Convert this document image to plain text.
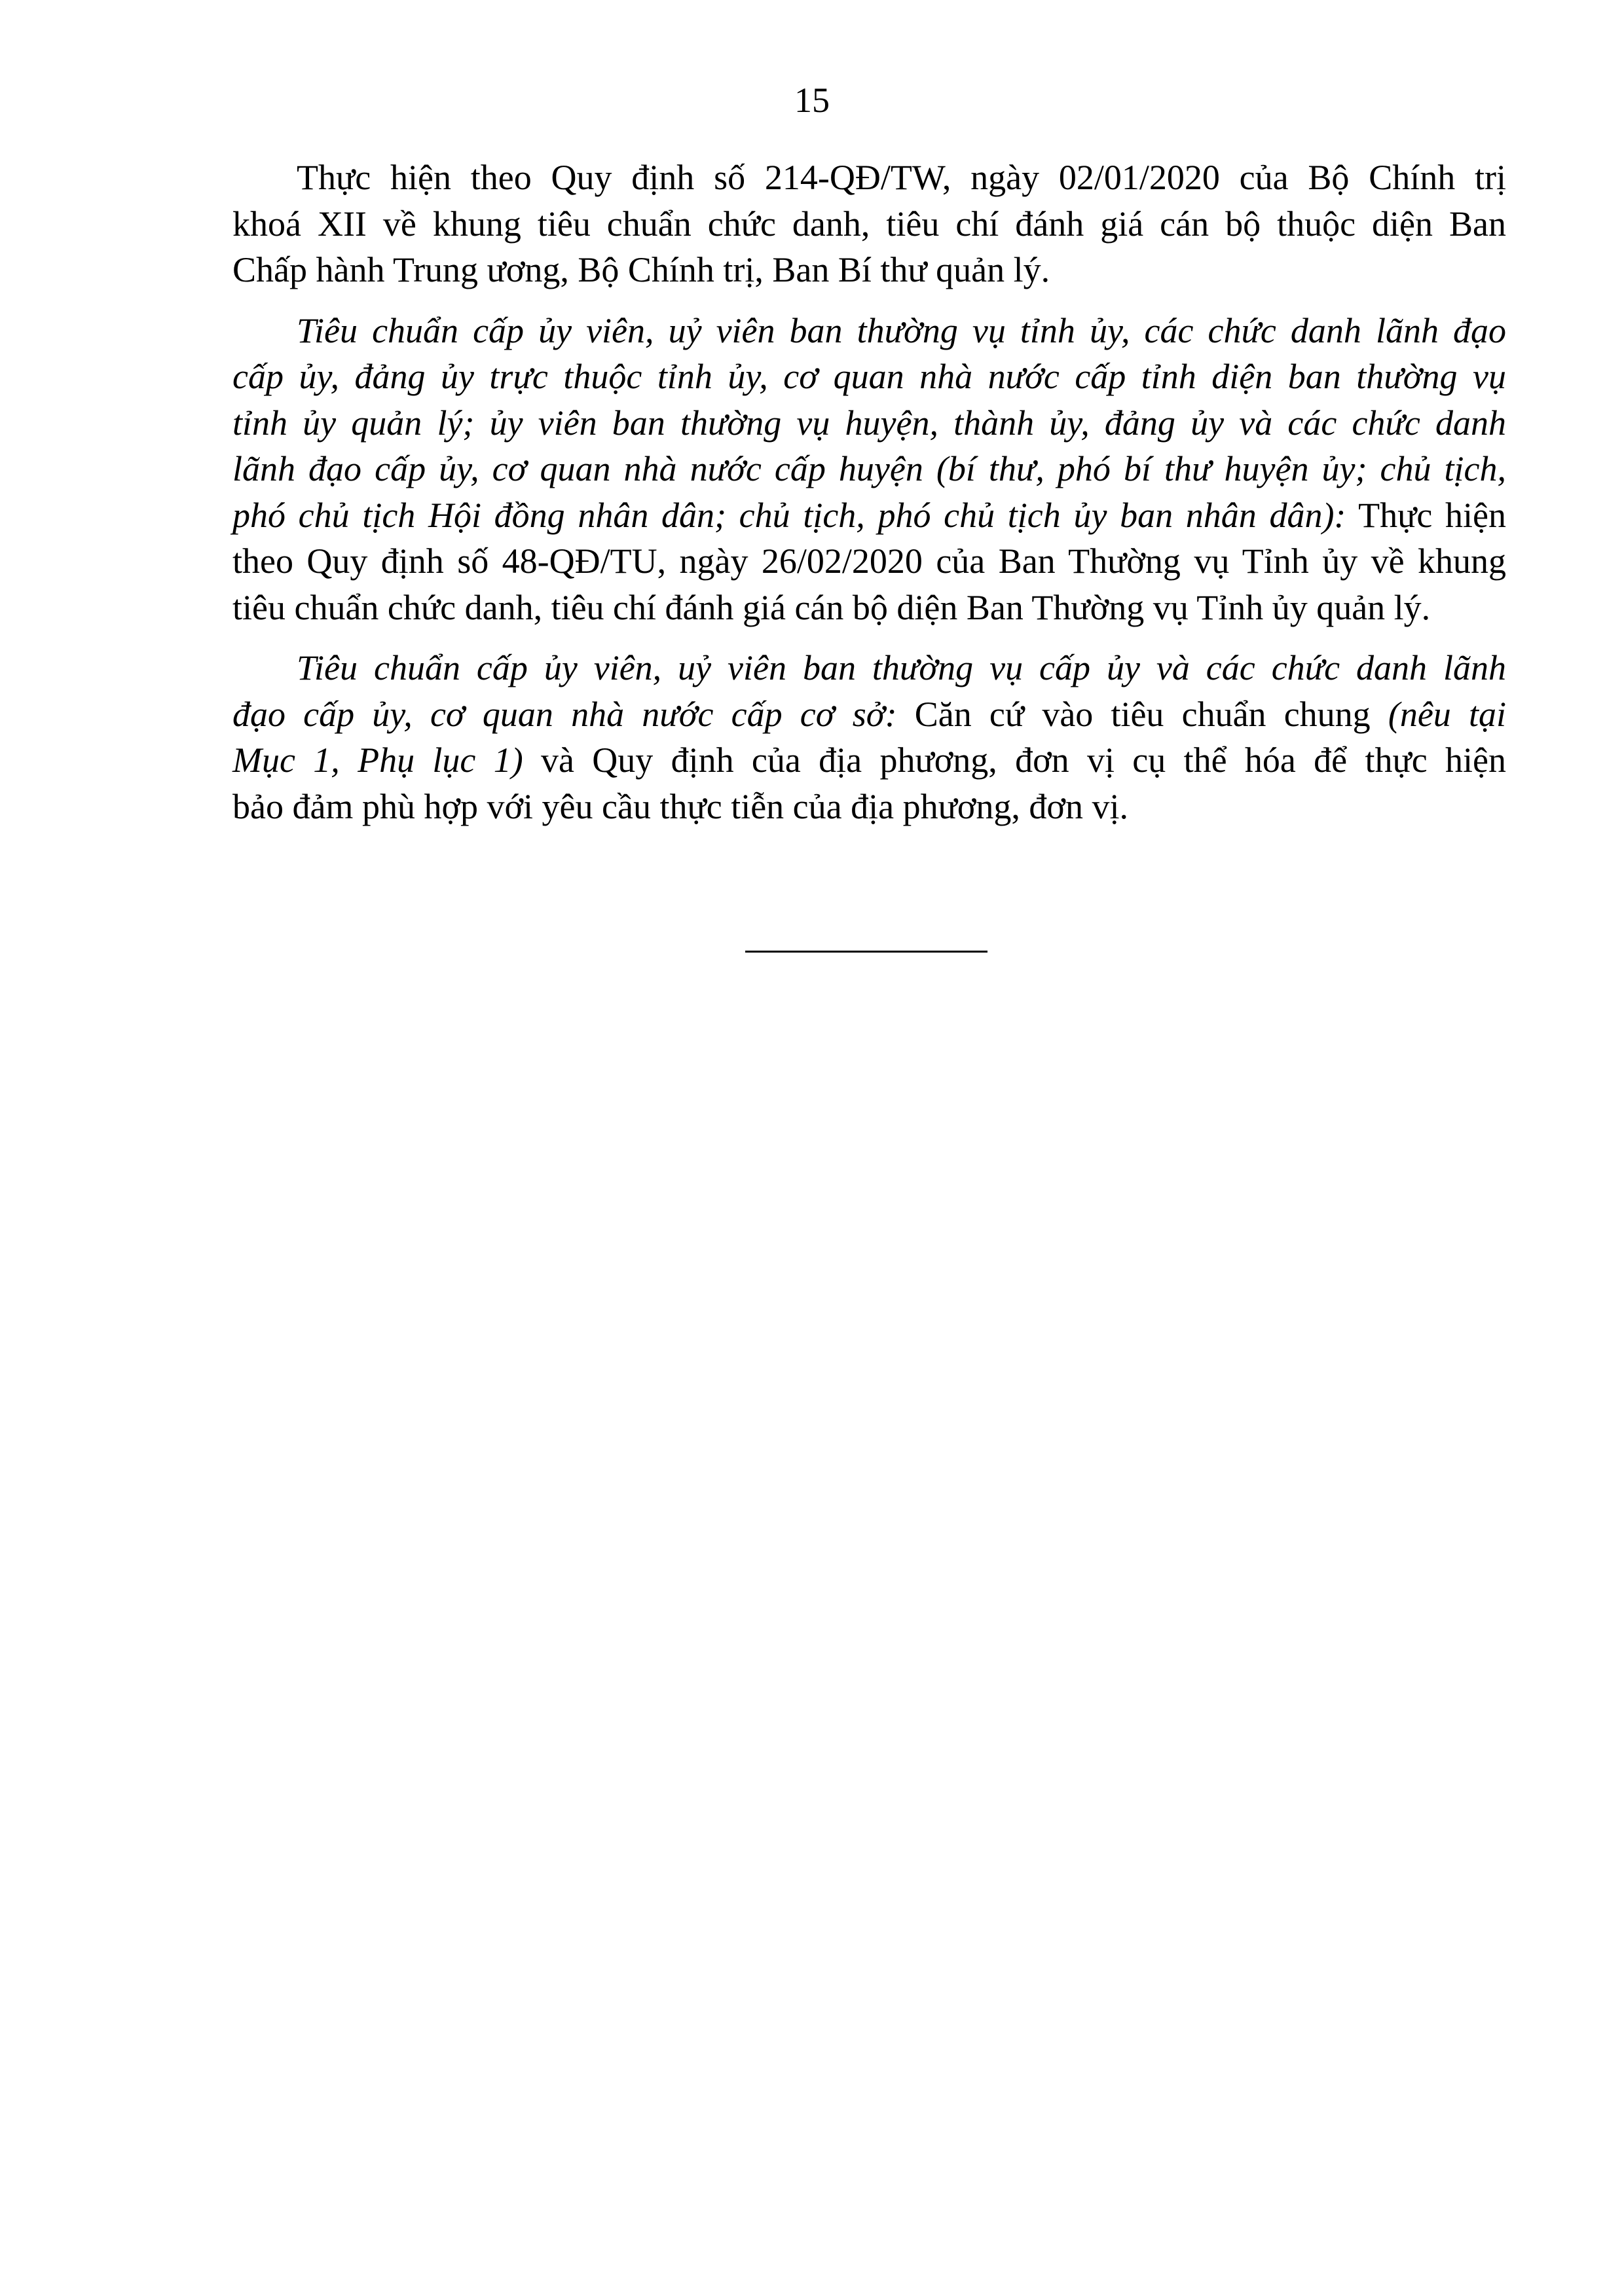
15

Thực hiện theo Quy định số 214-QĐ/TW, ngày 02/01/2020 của Bộ Chính trị
khoá XII về khung tiêu chuẩn chức danh, tiêu chí đánh giá cán bộ thuộc diện Ban
Chấp hành Trung ương, Bộ Chính trị, Ban Bí thư quản lý.

Tiêu chuẩn cấp ủy viên, uỷ viên ban thường vụ tỉnh ủy, các chức danh lãnh đạo
cấp ủy, đảng ủy trực thuộc tỉnh ủy, cơ quan nhà nước cấp tỉnh diện ban thường vụ
tỉnh ủy quản lý; ủy viên ban thường vụ huyện, thành ủy, đảng ủy và các chức danh
lãnh đạo cấp ủy, cơ quan nhà nước cấp huyện (bí thư, phó bí thư huyện ủy; chủ tịch,
phó chủ tịch Hội đồng nhân dân; chủ tịch, phó chủ tịch ủy ban nhân dân): Thực hiện
theo Quy định số 48-QĐ/TU, ngày 26/02/2020 của Ban Thường vụ Tỉnh ủy về khung
tiêu chuẩn chức danh, tiêu chí đánh giá cán bộ diện Ban Thường vụ Tỉnh ủy quản lý.

Tiêu chuẩn cấp ủy viên, uỷ viên ban thường vụ cấp ủy và các chức danh lãnh
đạo cấp ủy, cơ quan nhà nước cấp cơ sở: Căn cứ vào tiêu chuẩn chung (nêu tại
Mục 1, Phụ lục 1) và Quy định của địa phương, đơn vị cụ thể hóa để thực hiện
bảo đảm phù hợp với yêu cầu thực tiễn của địa phương, đơn vị.
